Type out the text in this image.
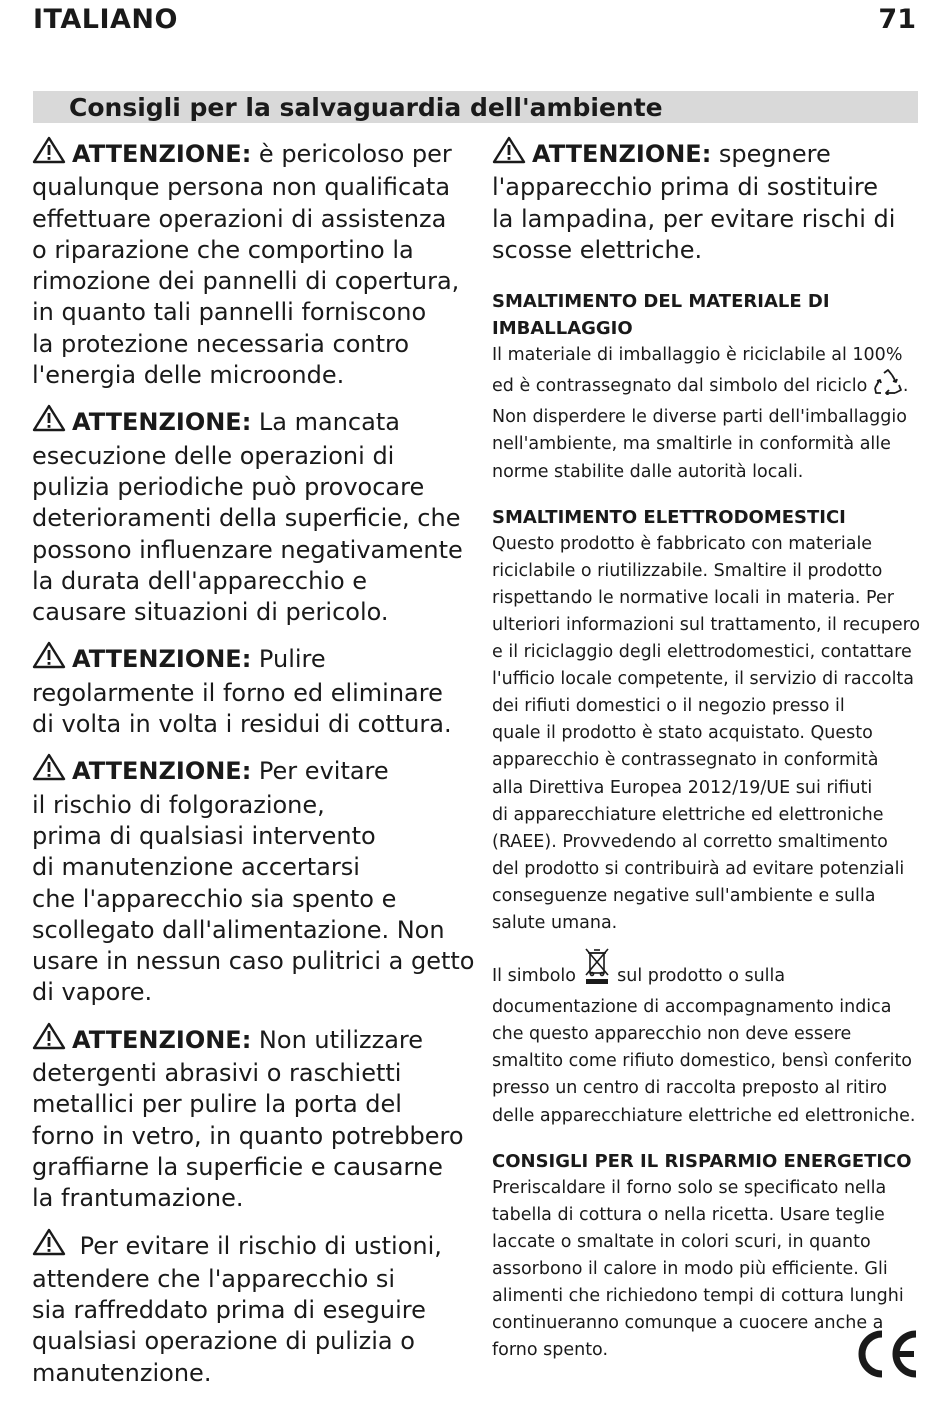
ITALIANO	71
Consigli per la salvaguardia dell'ambiente
ATTENZIONE: è pericoloso per
qualunque persona non qualificata
effettuare operazioni di assistenza
o riparazione che comportino la
rimozione dei pannelli di copertura,
in quanto tali pannelli forniscono
la protezione necessaria contro
l'energia delle microonde.
ATTENZIONE: La mancata
esecuzione delle operazioni di
pulizia periodiche può provocare
deterioramenti della superficie, che
possono influenzare negativamente
la durata dell'apparecchio e
causare situazioni di pericolo.
ATTENZIONE: Pulire
regolarmente il forno ed eliminare
di volta in volta i residui di cottura.
ATTENZIONE: Per evitare
il rischio di folgorazione,
prima di qualsiasi intervento
di manutenzione accertarsi
che l'apparecchio sia spento e
scollegato dall'alimentazione. Non
usare in nessun caso pulitrici a getto
di vapore.
ATTENZIONE: Non utilizzare
detergenti abrasivi o raschietti
metallici per pulire la porta del
forno in vetro, in quanto potrebbero
graffiarne la superficie e causarne
la frantumazione.
Per evitare il rischio di ustioni,
attendere che l'apparecchio si
sia raffreddato prima di eseguire
qualsiasi operazione di pulizia o
manutenzione.
ATTENZIONE: spegnere
l'apparecchio prima di sostituire
la lampadina, per evitare rischi di
scosse elettriche.

SMALTIMENTO DEL MATERIALE DI
IMBALLAGGIO

Il materiale di imballaggio è riciclabile al 100%
ed è contrassegnato dal simbolo del riciclo .
Non disperdere le diverse parti dell'imballaggio
nell'ambiente, ma smaltirle in conformità alle
norme stabilite dalle autorità locali.

SMALTIMENTO ELETTRODOMESTICI

Questo prodotto è fabbricato con materiale
riciclabile o riutilizzabile. Smaltire il prodotto
rispettando le normative locali in materia. Per
ulteriori informazioni sul trattamento, il recupero
e il riciclaggio degli elettrodomestici, contattare
l'ufficio locale competente, il servizio di raccolta
dei rifiuti domestici o il negozio presso il
quale il prodotto è stato acquistato. Questo
apparecchio è contrassegnato in conformità
alla Direttiva Europea 2012/19/UE sui rifiuti
di apparecchiature elettriche ed elettroniche
(RAEE). Provvedendo al corretto smaltimento
del prodotto si contribuirà ad evitare potenziali
conseguenze negative sull'ambiente e sulla
salute umana.
Il simbolo  sul prodotto o sulla
documentazione di accompagnamento indica
che questo apparecchio non deve essere
smaltito come rifiuto domestico, bensì conferito
presso un centro di raccolta preposto al ritiro
delle apparecchiature elettriche ed elettroniche.

CONSIGLI PER IL RISPARMIO ENERGETICO

Preriscaldare il forno solo se specificato nella
tabella di cottura o nella ricetta. Usare teglie
laccate o smaltate in colori scuri, in quanto
assorbono il calore in modo più efficiente. Gli
alimenti che richiedono tempi di cottura lunghi
continueranno comunque a cuocere anche a
forno spento.
